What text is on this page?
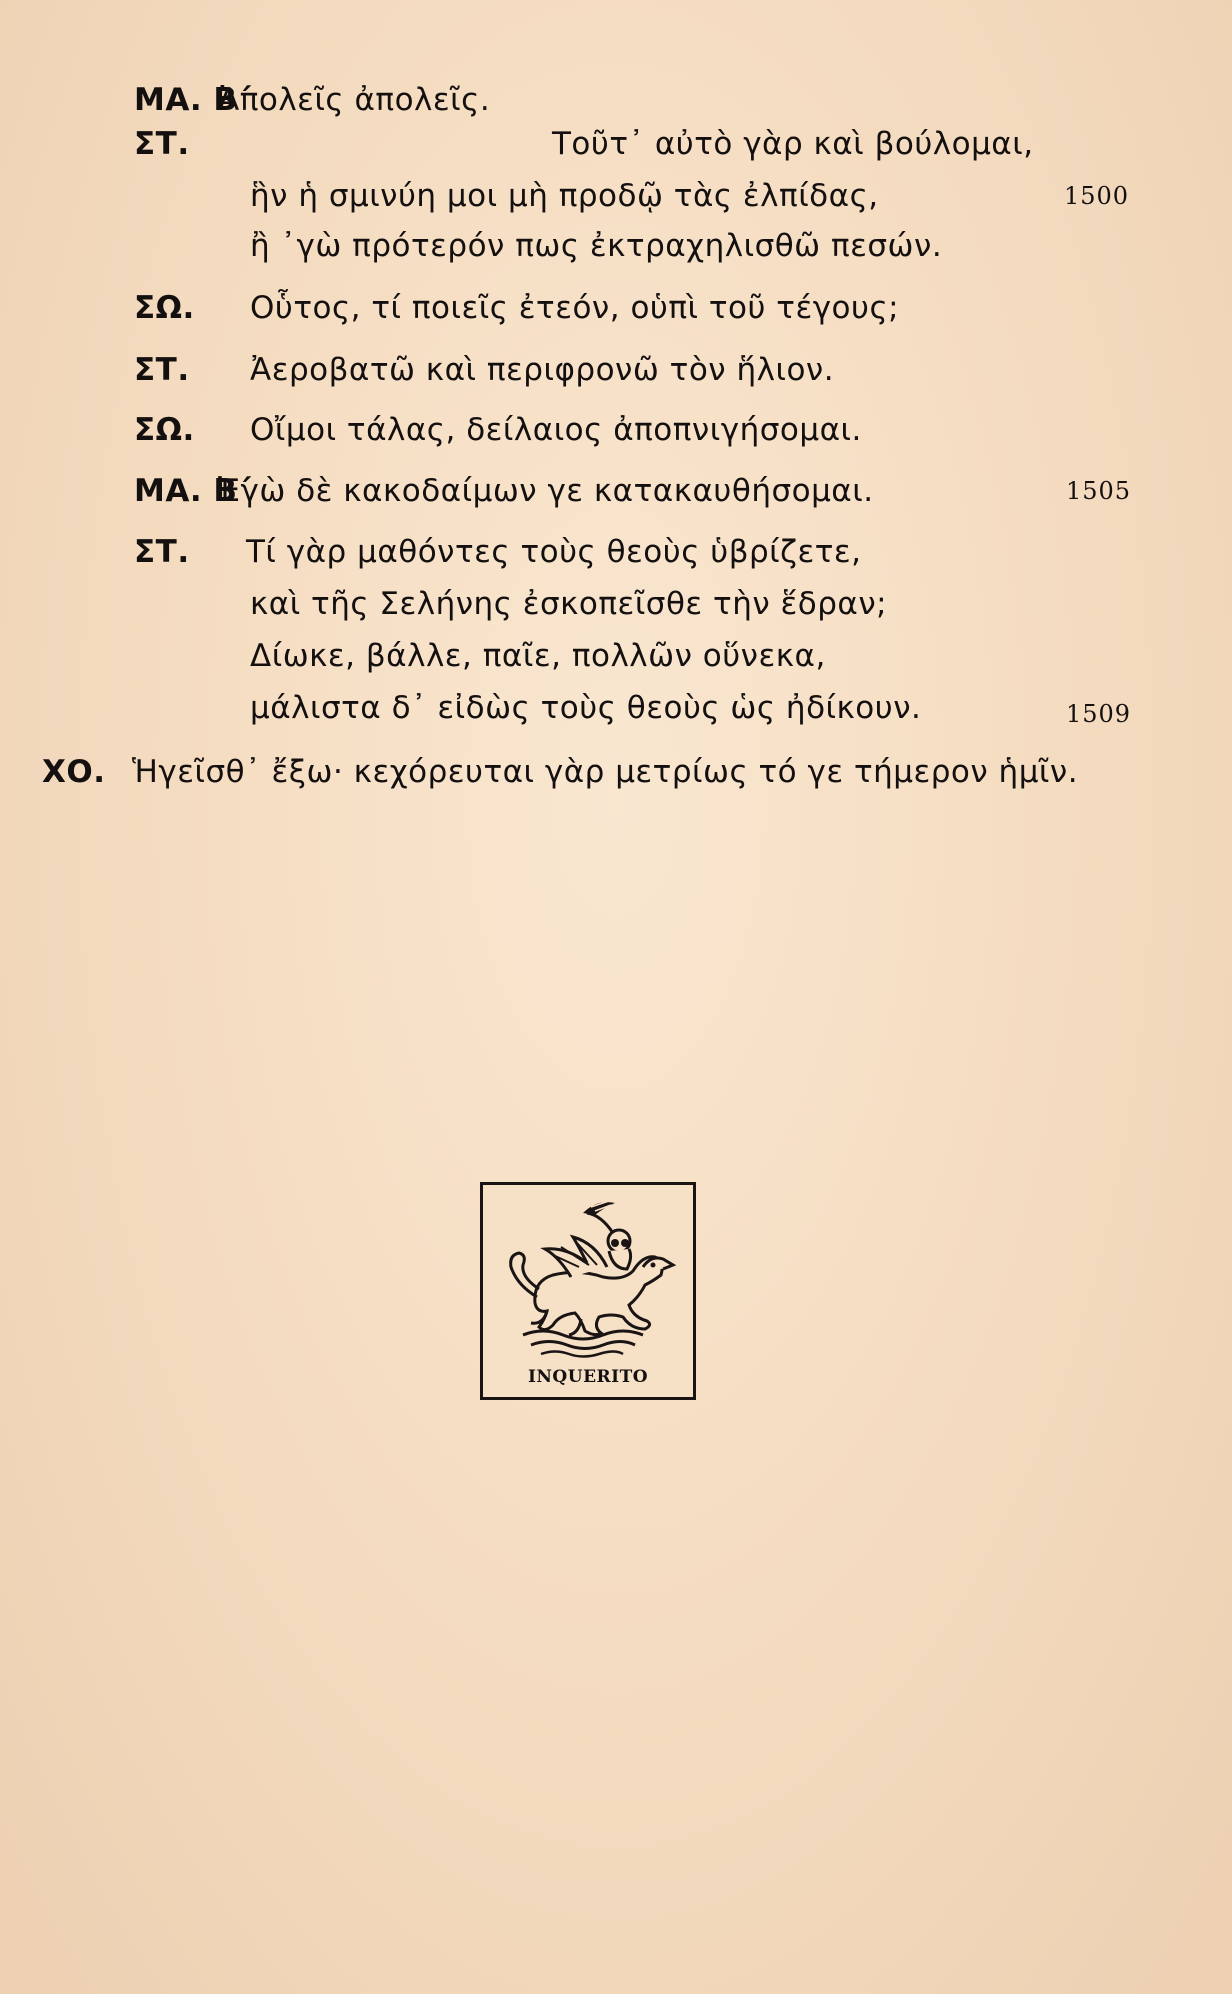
ΜΑ. Β΄
Ἀπολεῖς ἀπολεῖς.
ΣΤ.	Τοῦτ᾽ αὐτὸ γὰρ καὶ βούλομαι,
ἣν ἡ σμινύη μοι μὴ προδῷ τὰς ἐλπίδας,	1500
ἢ ᾽γὼ πρότερόν πως ἐκτραχηλισθῶ πεσών.
ΣΩ. Οὗτος, τί ποιεῖς ἐτεόν, οὑπὶ τοῦ τέγους;
ΣΤ. Ἀεροβατῶ καὶ περιφρονῶ τὸν ἥλιον.
ΣΩ. Οἴμοι τάλας, δείλαιος ἀποπνιγήσομαι.
ΜΑ. Β΄
Ἐγὼ δὲ κακοδαίμων γε κατακαυθήσομαι.	1505
ΣΤ. Τί γὰρ μαθόντες τοὺς θεοὺς ὑβρίζετε,
καὶ τῆς Σελήνης ἐσκοπεῖσθε τὴν ἕδραν;
Δίωκε, βάλλε, παῖε, πολλῶν οὕνεκα,
μάλιστα δ᾽ εἰδὼς τοὺς θεοὺς ὡς ἠδίκουν.	1509
ΧΟ. Ἡγεῖσθ᾽ ἔξω· κεχόρευται γὰρ μετρίως τό γε τήμερον ἡμῖν.
INQUERITO
